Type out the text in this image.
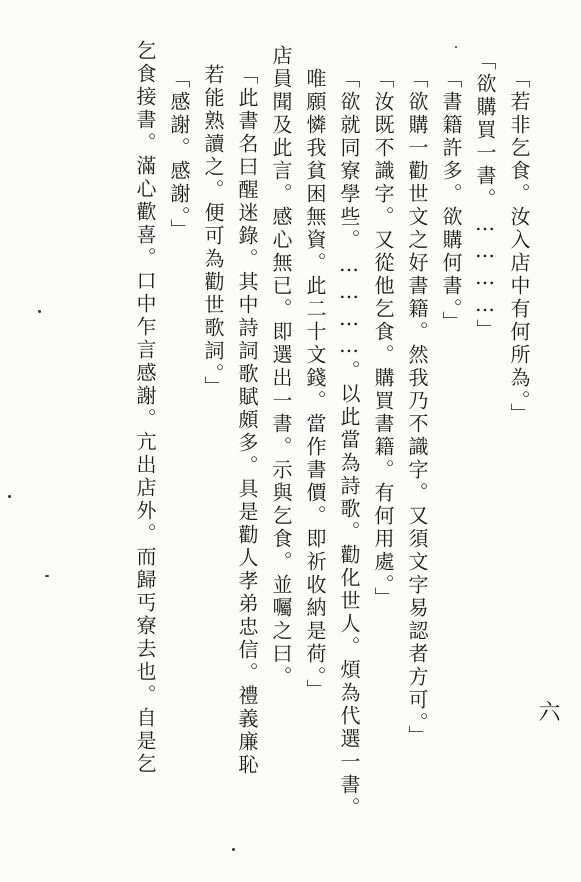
「若非乞食。汝入店中有何所為。」
「欲購買一書。…………」
「書籍許多。欲購何書。」
「欲購一勸世文之好書籍。然我乃不識字。又須文字易認者方可。」
「汝既不識字。又從他乞食。購買書籍。有何用處。」
「欲就同寮學些。…………。以此當為詩歌。勸化世人。煩為代選一書。
唯願憐我貧困無資。此二十文錢。當作書價。即祈收納是荷。」
店員聞及此言。感心無已。即選出一書。示與乞食。並囑之曰。
「此書名曰醒迷錄。其中詩詞歌賦頗多。具是勸人孝弟忠信。禮義廉恥
若能熟讀之。便可為勸世歌詞。」
「感謝。感謝。」
乞食接書。滿心歡喜。口中乍言感謝。亢出店外。而歸丐寮去也。自是乞	六
